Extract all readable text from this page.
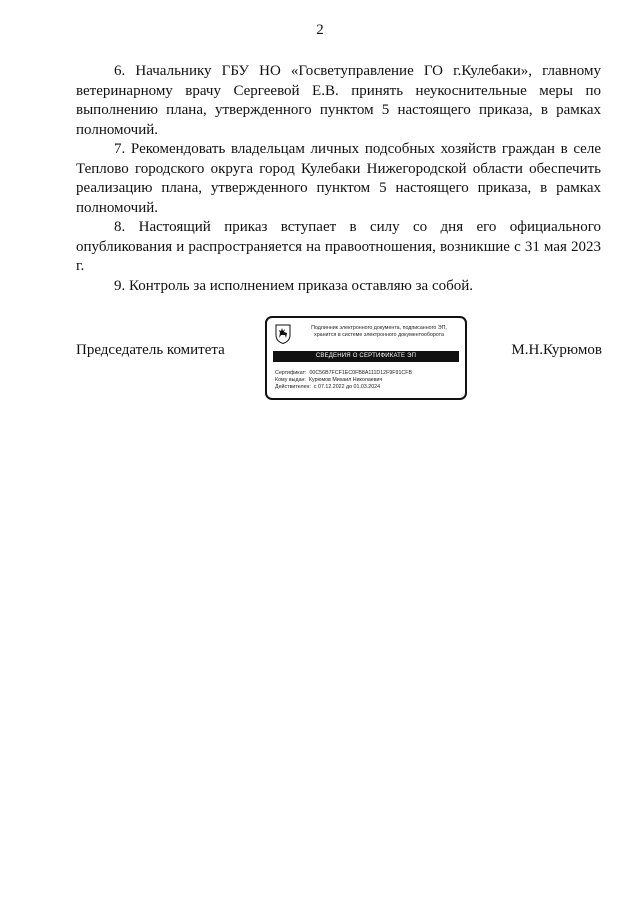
2

6. Начальнику ГБУ НО «Госветуправление ГО г.Кулебаки», главному ветеринарному врачу Сергеевой Е.В. принять неукоснительные меры по выполнению плана, утвержденного пунктом 5 настоящего приказа, в рамках полномочий.

7. Рекомендовать владельцам личных подсобных хозяйств граждан в селе Теплово городского округа город Кулебаки Нижегородской области обеспечить реализацию плана, утвержденного пунктом 5 настоящего приказа, в рамках полномочий.

8. Настоящий приказ вступает в силу со дня его официального опубликования и распространяется на правоотношения, возникшие с 31 мая 2023 г.

9. Контроль за исполнением приказа оставляю за собой.

Председатель комитета
Подлинник электронного документа, подписанного ЭП,
хранится в системе электронного документооборота
СВЕДЕНИЯ О СЕРТИФИКАТЕ ЭП
Сертификат: 00C56B7FCF1EC0FB8A111D12F9F91CFB
Кому выдан: Курюмов Михаил Николаевич
Действителен: с 07.12.2022 до 01.03.2024
М.Н.Курюмов
